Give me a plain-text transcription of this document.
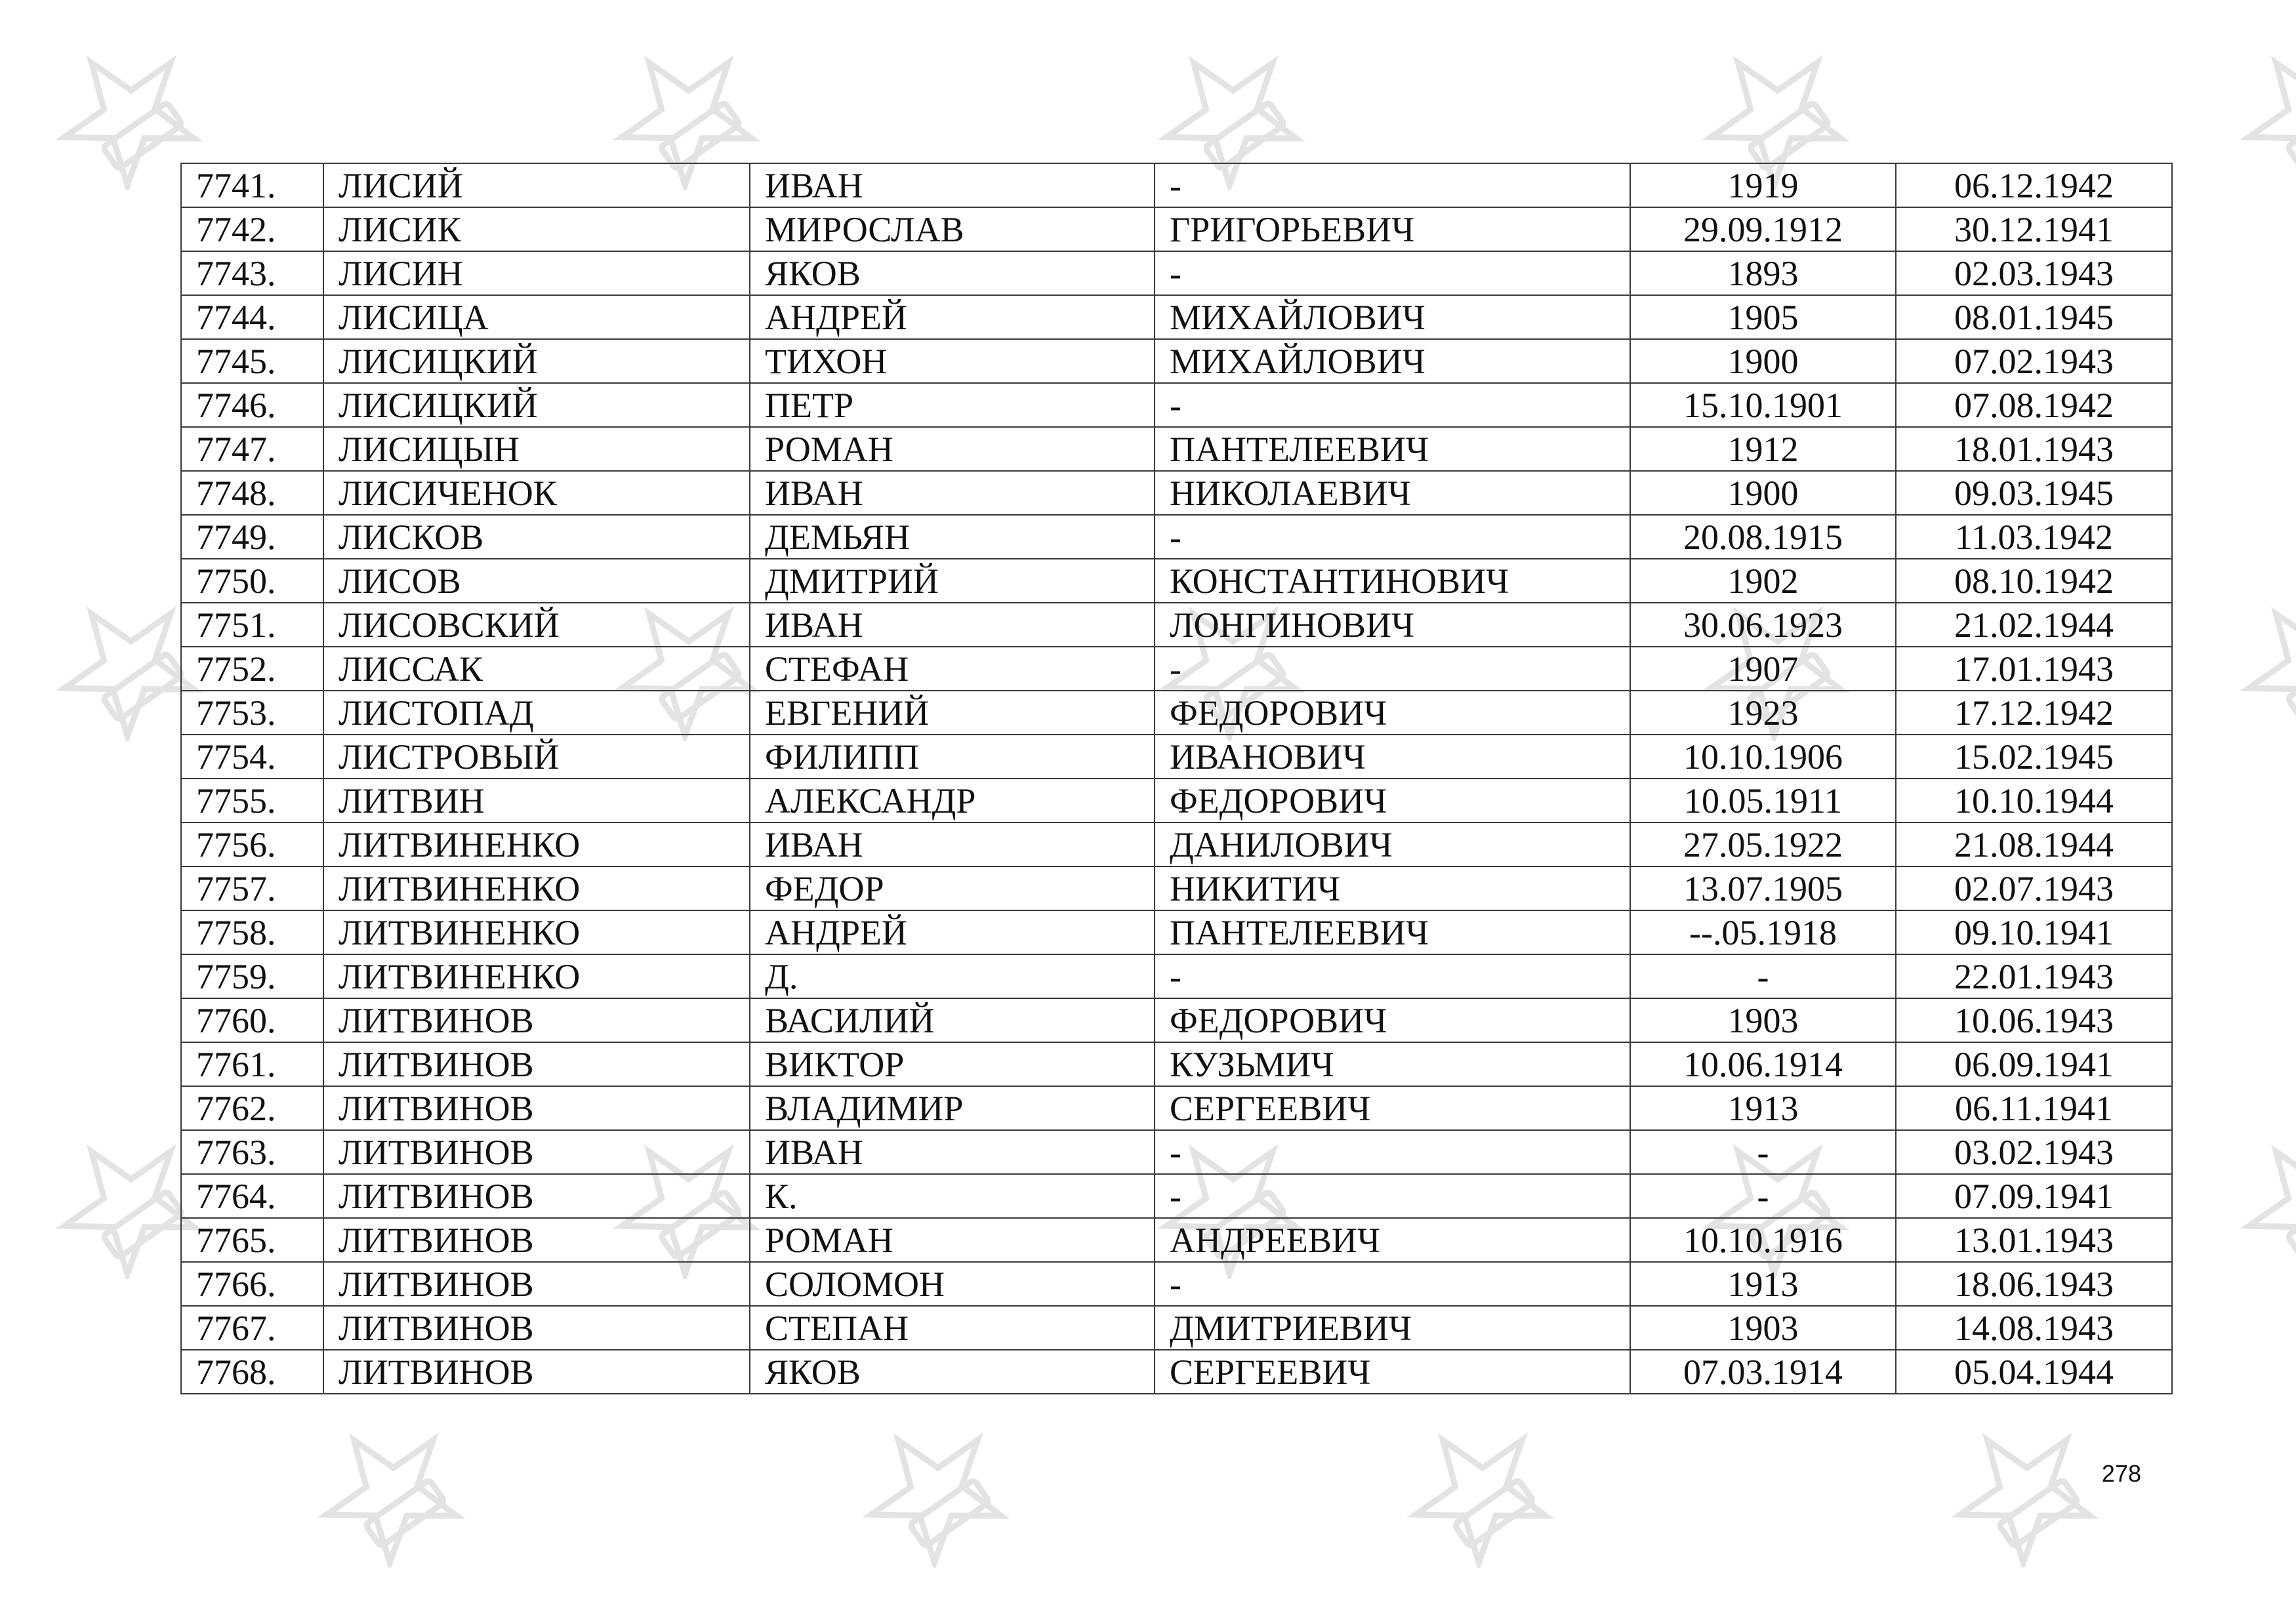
7741.	ЛИСИЙ	ИВАН	-	1919	06.12.1942
7742.	ЛИСИК	МИРОСЛАВ	ГРИГОРЬЕВИЧ	29.09.1912	30.12.1941
7743.	ЛИСИН	ЯКОВ	-	1893	02.03.1943
7744.	ЛИСИЦА	АНДРЕЙ	МИХАЙЛОВИЧ	1905	08.01.1945
7745.	ЛИСИЦКИЙ	ТИХОН	МИХАЙЛОВИЧ	1900	07.02.1943
7746.	ЛИСИЦКИЙ	ПЕТР	-	15.10.1901	07.08.1942
7747.	ЛИСИЦЫН	РОМАН	ПАНТЕЛЕЕВИЧ	1912	18.01.1943
7748.	ЛИСИЧЕНОК	ИВАН	НИКОЛАЕВИЧ	1900	09.03.1945
7749.	ЛИСКОВ	ДЕМЬЯН	-	20.08.1915	11.03.1942
7750.	ЛИСОВ	ДМИТРИЙ	КОНСТАНТИНОВИЧ	1902	08.10.1942
7751.	ЛИСОВСКИЙ	ИВАН	ЛОНГИНОВИЧ	30.06.1923	21.02.1944
7752.	ЛИССАК	СТЕФАН	-	1907	17.01.1943
7753.	ЛИСТОПАД	ЕВГЕНИЙ	ФЕДОРОВИЧ	1923	17.12.1942
7754.	ЛИСТРОВЫЙ	ФИЛИПП	ИВАНОВИЧ	10.10.1906	15.02.1945
7755.	ЛИТВИН	АЛЕКСАНДР	ФЕДОРОВИЧ	10.05.1911	10.10.1944
7756.	ЛИТВИНЕНКО	ИВАН	ДАНИЛОВИЧ	27.05.1922	21.08.1944
7757.	ЛИТВИНЕНКО	ФЕДОР	НИКИТИЧ	13.07.1905	02.07.1943
7758.	ЛИТВИНЕНКО	АНДРЕЙ	ПАНТЕЛЕЕВИЧ	--.05.1918	09.10.1941
7759.	ЛИТВИНЕНКО	Д.	-	-	22.01.1943
7760.	ЛИТВИНОВ	ВАСИЛИЙ	ФЕДОРОВИЧ	1903	10.06.1943
7761.	ЛИТВИНОВ	ВИКТОР	КУЗЬМИЧ	10.06.1914	06.09.1941
7762.	ЛИТВИНОВ	ВЛАДИМИР	СЕРГЕЕВИЧ	1913	06.11.1941
7763.	ЛИТВИНОВ	ИВАН	-	-	03.02.1943
7764.	ЛИТВИНОВ	К.	-	-	07.09.1941
7765.	ЛИТВИНОВ	РОМАН	АНДРЕЕВИЧ	10.10.1916	13.01.1943
7766.	ЛИТВИНОВ	СОЛОМОН	-	1913	18.06.1943
7767.	ЛИТВИНОВ	СТЕПАН	ДМИТРИЕВИЧ	1903	14.08.1943
7768.	ЛИТВИНОВ	ЯКОВ	СЕРГЕЕВИЧ	07.03.1914	05.04.1944
278
